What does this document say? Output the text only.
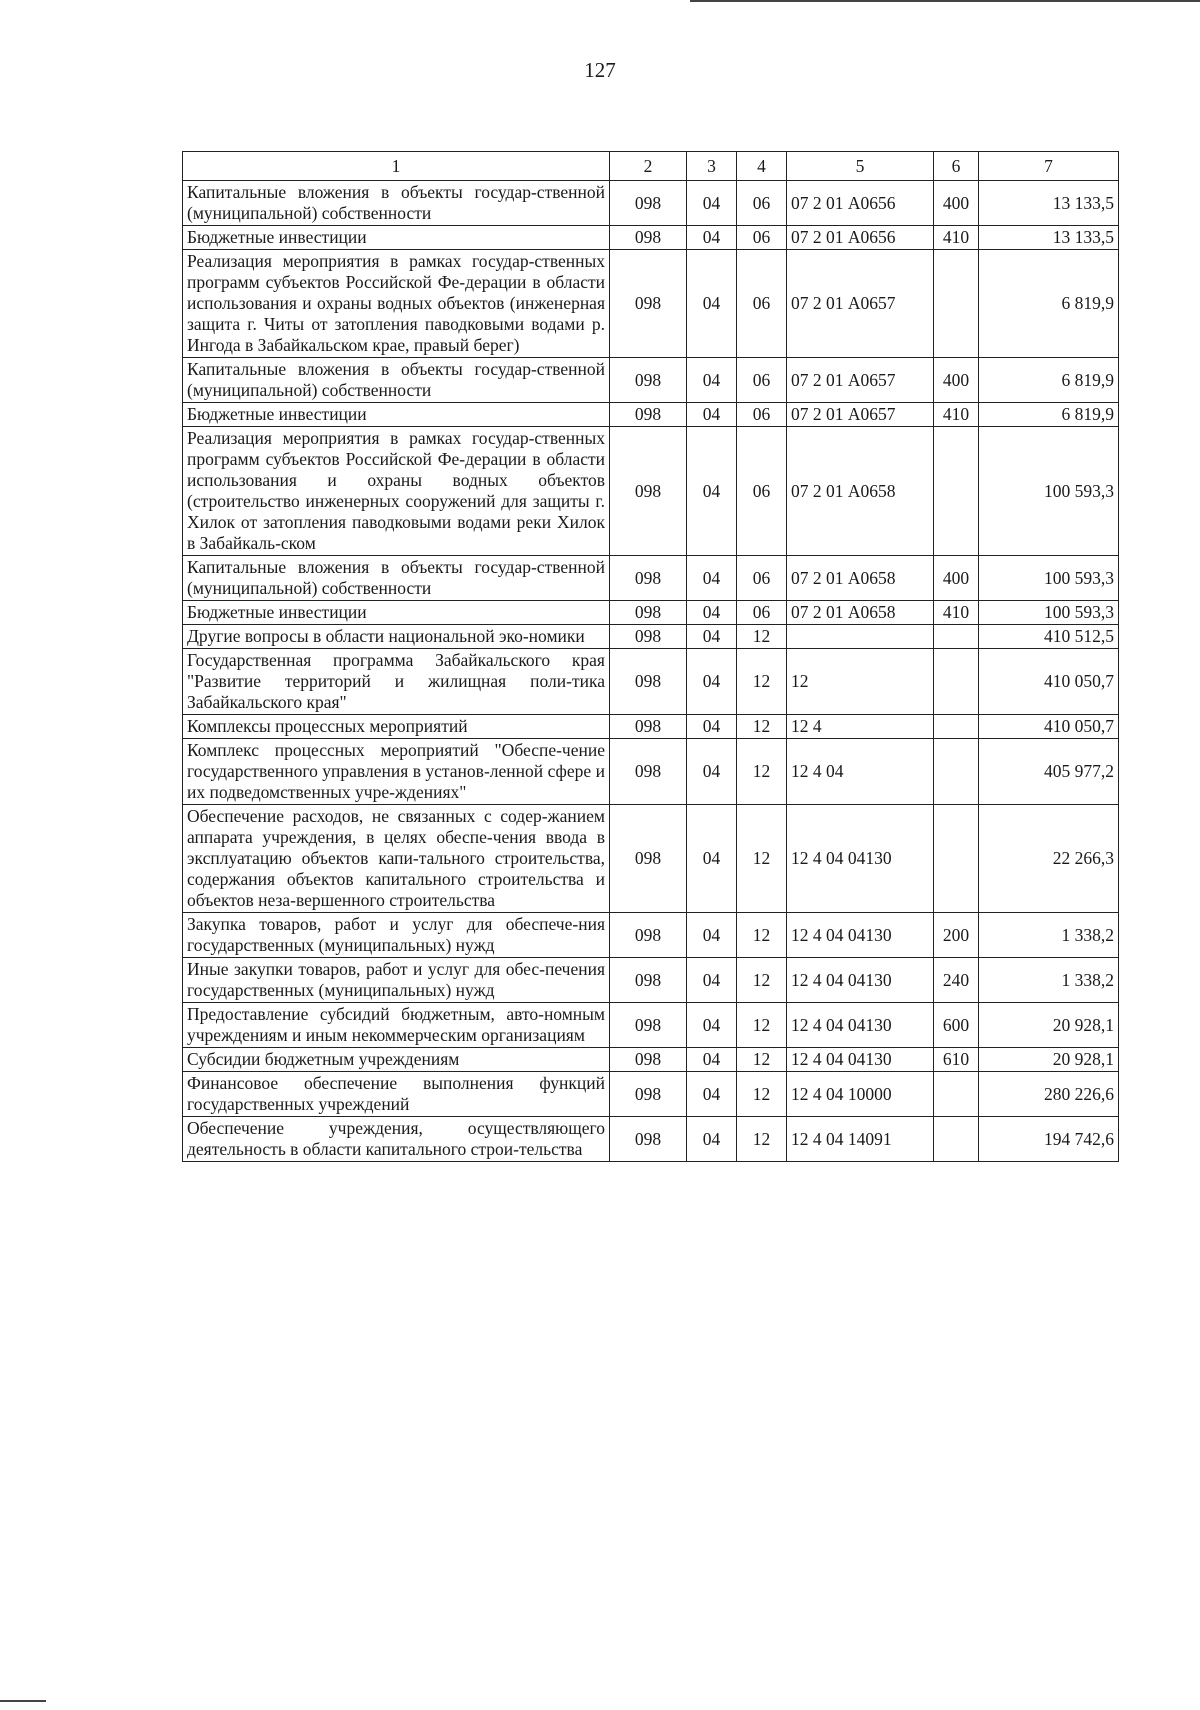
127
1	2	3	4	5	6	7
Капитальные вложения в объекты государ-ственной (муниципальной) собственности	098	04	06	07 2 01 А0656	400	13 133,5
Бюджетные инвестиции	098	04	06	07 2 01 А0656	410	13 133,5
Реализация мероприятия в рамках государ-ственных программ субъектов Российской Фе-дерации в области использования и охраны водных объектов (инженерная защита г. Читы от затопления паводковыми водами р. Ингода в Забайкальском крае, правый берег)	098	04	06	07 2 01 А0657		6 819,9
Капитальные вложения в объекты государ-ственной (муниципальной) собственности	098	04	06	07 2 01 А0657	400	6 819,9
Бюджетные инвестиции	098	04	06	07 2 01 А0657	410	6 819,9
Реализация мероприятия в рамках государ-ственных программ субъектов Российской Фе-дерации в области использования и охраны водных объектов (строительство инженерных сооружений для защиты г. Хилок от затопления паводковыми водами реки Хилок в Забайкаль-ском	098	04	06	07 2 01 А0658		100 593,3
Капитальные вложения в объекты государ-ственной (муниципальной) собственности	098	04	06	07 2 01 А0658	400	100 593,3
Бюджетные инвестиции	098	04	06	07 2 01 А0658	410	100 593,3
Другие вопросы в области национальной эко-номики	098	04	12			410 512,5
Государственная программа Забайкальского края "Развитие территорий и жилищная поли-тика Забайкальского края"	098	04	12	12		410 050,7
Комплексы процессных мероприятий	098	04	12	12 4		410 050,7
Комплекс процессных мероприятий "Обеспе-чение государственного управления в установ-ленной сфере и их подведомственных учре-ждениях"	098	04	12	12 4 04		405 977,2
Обеспечение расходов, не связанных с содер-жанием аппарата учреждения, в целях обеспе-чения ввода в эксплуатацию объектов капи-тального строительства, содержания объектов капитального строительства и объектов неза-вершенного строительства	098	04	12	12 4 04 04130		22 266,3
Закупка товаров, работ и услуг для обеспече-ния государственных (муниципальных) нужд	098	04	12	12 4 04 04130	200	1 338,2
Иные закупки товаров, работ и услуг для обес-печения государственных (муниципальных) нужд	098	04	12	12 4 04 04130	240	1 338,2
Предоставление субсидий бюджетным, авто-номным учреждениям и иным некоммерческим организациям	098	04	12	12 4 04 04130	600	20 928,1
Субсидии бюджетным учреждениям	098	04	12	12 4 04 04130	610	20 928,1
Финансовое обеспечение выполнения функций государственных учреждений	098	04	12	12 4 04 10000		280 226,6
Обеспечение учреждения, осуществляющего деятельность в области капитального строи-тельства	098	04	12	12 4 04 14091		194 742,6
